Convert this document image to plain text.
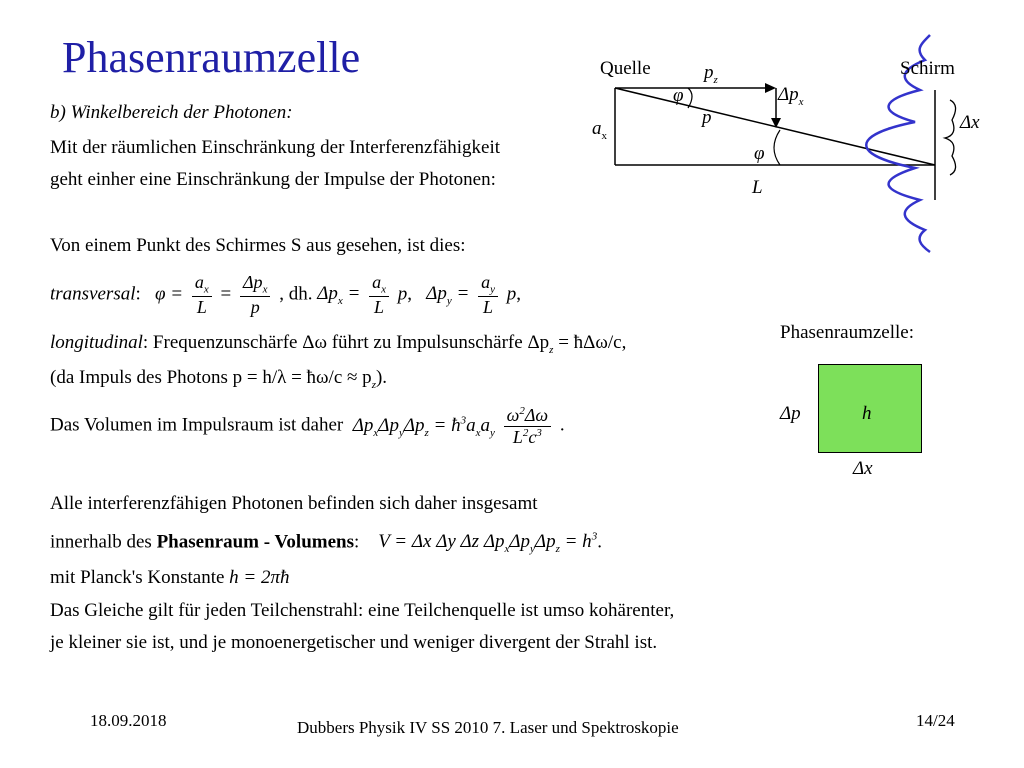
Phasenraumzelle
b) Winkelbereich der Photonen:
Mit der räumlichen Einschränkung der Interferenzfähigkeit
geht einher eine Einschränkung der Impulse der Photonen:
Von einem Punkt des Schirmes S aus gesehen, ist dies:
transversal:   $\varphi = \frac{a_x}{L} = \frac{\Delta p_x}{p}$ , dh. $\Delta p_x = \frac{a_x}{L} p$,   $\Delta p_y = \frac{a_y}{L} p$,
longitudinal: Frequenzunschärfe Δω führt zu Impulsunschärfe $\Delta p_z$ = ħΔω/c,
(da Impuls des Photons p = h/λ = ħω/c ≈ $p_z$).
Das Volumen im Impulsraum ist daher  $\Delta p_x\Delta p_y\Delta p_z$ = $ħ^3a_xa_y \frac{\omega^2\Delta\omega}{L^2c^3}$ .
Alle interferenzfähigen Photonen befinden sich daher insgesamt
innerhalb des Phasenraum - Volumens:    V = Δx Δy Δz $\Delta p_x\Delta p_y\Delta p_z = h^3$.
mit Planck's Konstante h = 2πħ
Das Gleiche gilt für jeden Teilchenstrahl: eine Teilchenquelle ist umso kohärenter,
je kleiner sie ist, und je monoenergetischer und weniger divergent der Strahl ist.
Quelle	Schirm
$p_z$
φ
p
$\Delta p_x$
$a_x$
φ
L
Δx
Phasenraumzelle:
h
Δp
Δx
18.09.2018	Dubbers Physik IV SS 2010 7. Laser und Spektroskopie	14/24
